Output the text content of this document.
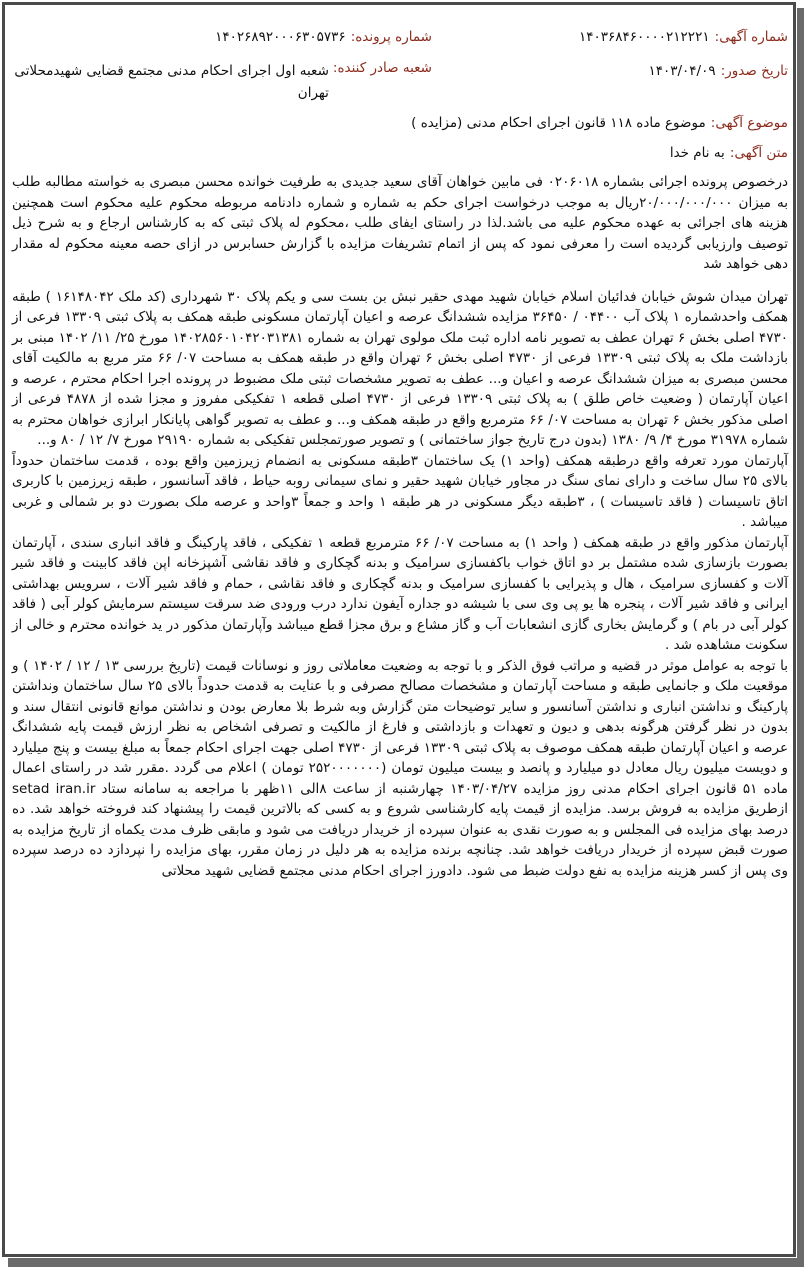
شماره آگهی: ۱۴۰۳۶۸۴۶۰۰۰۰۲۱۲۲۲۱
شماره پرونده: ۱۴۰۲۶۸۹۲۰۰۰۶۳۰۵۷۳۶
تاریخ صدور: ۱۴۰۳/۰۴/۰۹
شعبه صادر کننده:
شعبه اول اجرای احکام مدنی مجتمع قضایی شهیدمحلاتی تهران
موضوع آگهی: موضوع ماده ۱۱۸ قانون اجرای احکام مدنی (مزایده )
متن آگهی: به نام خدا

درخصوص پرونده اجرائی بشماره ۰۲۰۶۰۱۸ فی مابین خواهان آقای سعید جدیدی به طرفیت خوانده محسن مبصری به خواسته مطالبه طلب به میزان ۲۰/۰۰۰/۰۰۰/۰۰۰ریال به موجب درخواست اجرای حکم به شماره و شماره دادنامه مربوطه محکوم علیه محکوم است همچنین هزینه های اجرائی به عهده محکوم علیه می باشد.لذا در راستای ایفای طلب ،محکوم له پلاک ثبتی که به کارشناس ارجاع و به شرح ذیل توصیف وارزیابی گردیده است را معرفی نمود که پس از اتمام تشریفات مزایده با گزارش حسابرس در ازای حصه معینه محکوم له مقدار دهی خواهد شد

تهران میدان شوش خیابان فدائیان اسلام خیابان شهید مهدی حقیر نبش بن بست سی و یکم پلاک ۳۰ شهرداری (کد ملک ۱۶۱۴۸۰۴۲ ) طبقه همکف واحدشماره ۱ پلاک آب ۰۴۴۰۰ / ۳۶۴۵۰ مزایده ششدانگ عرصه و اعیان آپارتمان مسکونی طبقه همکف به پلاک ثبتی ۱۳۳۰۹ فرعی از ۴۷۳۰ اصلی بخش ۶ تهران عطف به تصویر نامه اداره ثبت ملک مولوی تهران به شماره ۱۴۰۲۸۵۶۰۱۰۴۲۰۳۱۳۸۱ مورخ ۲۵/ ۱۱/ ۱۴۰۲ مبنی بر بازداشت ملک به پلاک ثبتی ۱۳۳۰۹ فرعی از ۴۷۳۰ اصلی بخش ۶ تهران واقع در طبقه همکف به مساحت ۰۷/ ۶۶ متر مربع به مالکیت آقای محسن مبصری به میزان ششدانگ عرصه و اعیان و... عطف به تصویر مشخصات ثبتی ملک مضبوط در پرونده اجرا احکام محترم ، عرصه و اعیان آپارتمان ( وضعیت خاص طلق ) به پلاک ثبتی ۱۳۳۰۹ فرعی از ۴۷۳۰ اصلی قطعه ۱ تفکیکی مفروز و مجزا شده از ۴۸۷۸ فرعی از اصلی مذکور بخش ۶ تهران به مساحت ۰۷/ ۶۶ مترمربع واقع در طبقه همکف و... و عطف به تصویر گواهی پایانکار ابرازی خواهان محترم به شماره ۳۱۹۷۸ مورخ ۴/ ۹/ ۱۳۸۰ (بدون درج تاریخ جواز ساختمانی ) و تصویر صورتمجلس تفکیکی به شماره ۲۹۱۹۰ مورخ ۷/ ۱۲ / ۸۰ و...

آپارتمان مورد تعرفه واقع درطبقه همکف (واحد ۱) یک ساختمان ۳طبقه مسکونی به انضمام زیرزمین واقع بوده ، قدمت ساختمان حدوداً بالای ۲۵ سال ساخت و دارای نمای سنگ در مجاور خیابان شهید حقیر و نمای سیمانی روبه حیاط ، فاقد آسانسور ، طبقه زیرزمین با کاربری اتاق تاسیسات ( فاقد تاسیسات ) ، ۳طبقه دیگر مسکونی در هر طبقه ۱ واحد و جمعاً ۳واحد و عرصه ملک بصورت دو بر شمالی و غربی میباشد .

آپارتمان مذکور واقع در طبقه همکف ( واحد ۱) به مساحت ۰۷/ ۶۶ مترمربع قطعه ۱ تفکیکی ، فاقد پارکینگ و فاقد انباری سندی ، آپارتمان بصورت بازسازی شده مشتمل بر دو اتاق خواب باکفسازی سرامیک و بدنه گچکاری و فاقد نقاشی آشپزخانه اپن فاقد کابینت و فاقد شیر آلات و کفسازی سرامیک ، هال و پذیرایی با کفسازی سرامیک و بدنه گچکاری و فاقد نقاشی ، حمام و فاقد شیر آلات ، سرویس بهداشتی ایرانی و فاقد شیر آلات ، پنجره ها یو پی وی سی با شیشه دو جداره آیفون ندارد درب ورودی ضد سرقت سیستم سرمایش کولر آبی ( فاقد کولر آبی در بام ) و گرمایش بخاری گازی انشعابات آب و گاز مشاع و برق مجزا قطع میباشد وآپارتمان مذکور در ید خوانده محترم و خالی از سکونت مشاهده شد .

با توجه به عوامل موثر در قضیه و مراتب فوق الذکر و با توجه به وضعیت معاملاتی روز و نوسانات قیمت (تاریخ بررسی ۱۳ / ۱۲ / ۱۴۰۲ ) و موقعیت ملک و جانمایی طبقه و مساحت آپارتمان و مشخصات مصالح مصرفی و با عنایت به قدمت حدوداً بالای ۲۵ سال ساختمان ونداشتن پارکینگ و نداشتن انباری و نداشتن آسانسور و سایر توضیحات متن گزارش وبه شرط بلا معارض بودن و نداشتن موانع قانونی انتقال سند و بدون در نظر گرفتن هرگونه بدهی و دیون و تعهدات و بازداشتی و فارغ از مالکیت و تصرفی اشخاص به نظر ارزش قیمت پایه ششدانگ عرصه و اعیان آپارتمان طبقه همکف موصوف به پلاک ثبتی ۱۳۳۰۹ فرعی از ۴۷۳۰ اصلی جهت اجرای احکام جمعاً به مبلغ بیست و پنج میلیارد و دویست میلیون ریال معادل دو میلیارد و پانصد و بیست میلیون تومان (۲۵۲۰۰۰۰۰۰۰ تومان ) اعلام می گردد .مقرر شد در راستای اعمال ماده ۵۱ قانون اجرای احکام مدنی روز مزایده ۱۴۰۳/۰۴/۲۷ چهارشنبه از ساعت ۸الی ۱۱ظهر با مراجعه به سامانه ستاد setad iran.ir ازطریق مزایده به فروش برسد. مزایده از قیمت پایه کارشناسی شروع و به کسی که بالاترین قیمت را پیشنهاد کند فروخته خواهد شد. ده درصد بهای مزایده فی المجلس و به صورت نقدی به عنوان سپرده از خریدار دریافت می شود و مابقی ظرف مدت یکماه از تاریخ مزایده به صورت قبض سپرده از خریدار دریافت خواهد شد. چنانچه برنده مزایده به هر دلیل در زمان مقرر، بهای مزایده را نپردازد ده درصد سپرده وی پس از کسر هزینه مزایده به نفع دولت ضبط می شود. دادورز اجرای احکام مدنی مجتمع قضایی شهید محلاتی
